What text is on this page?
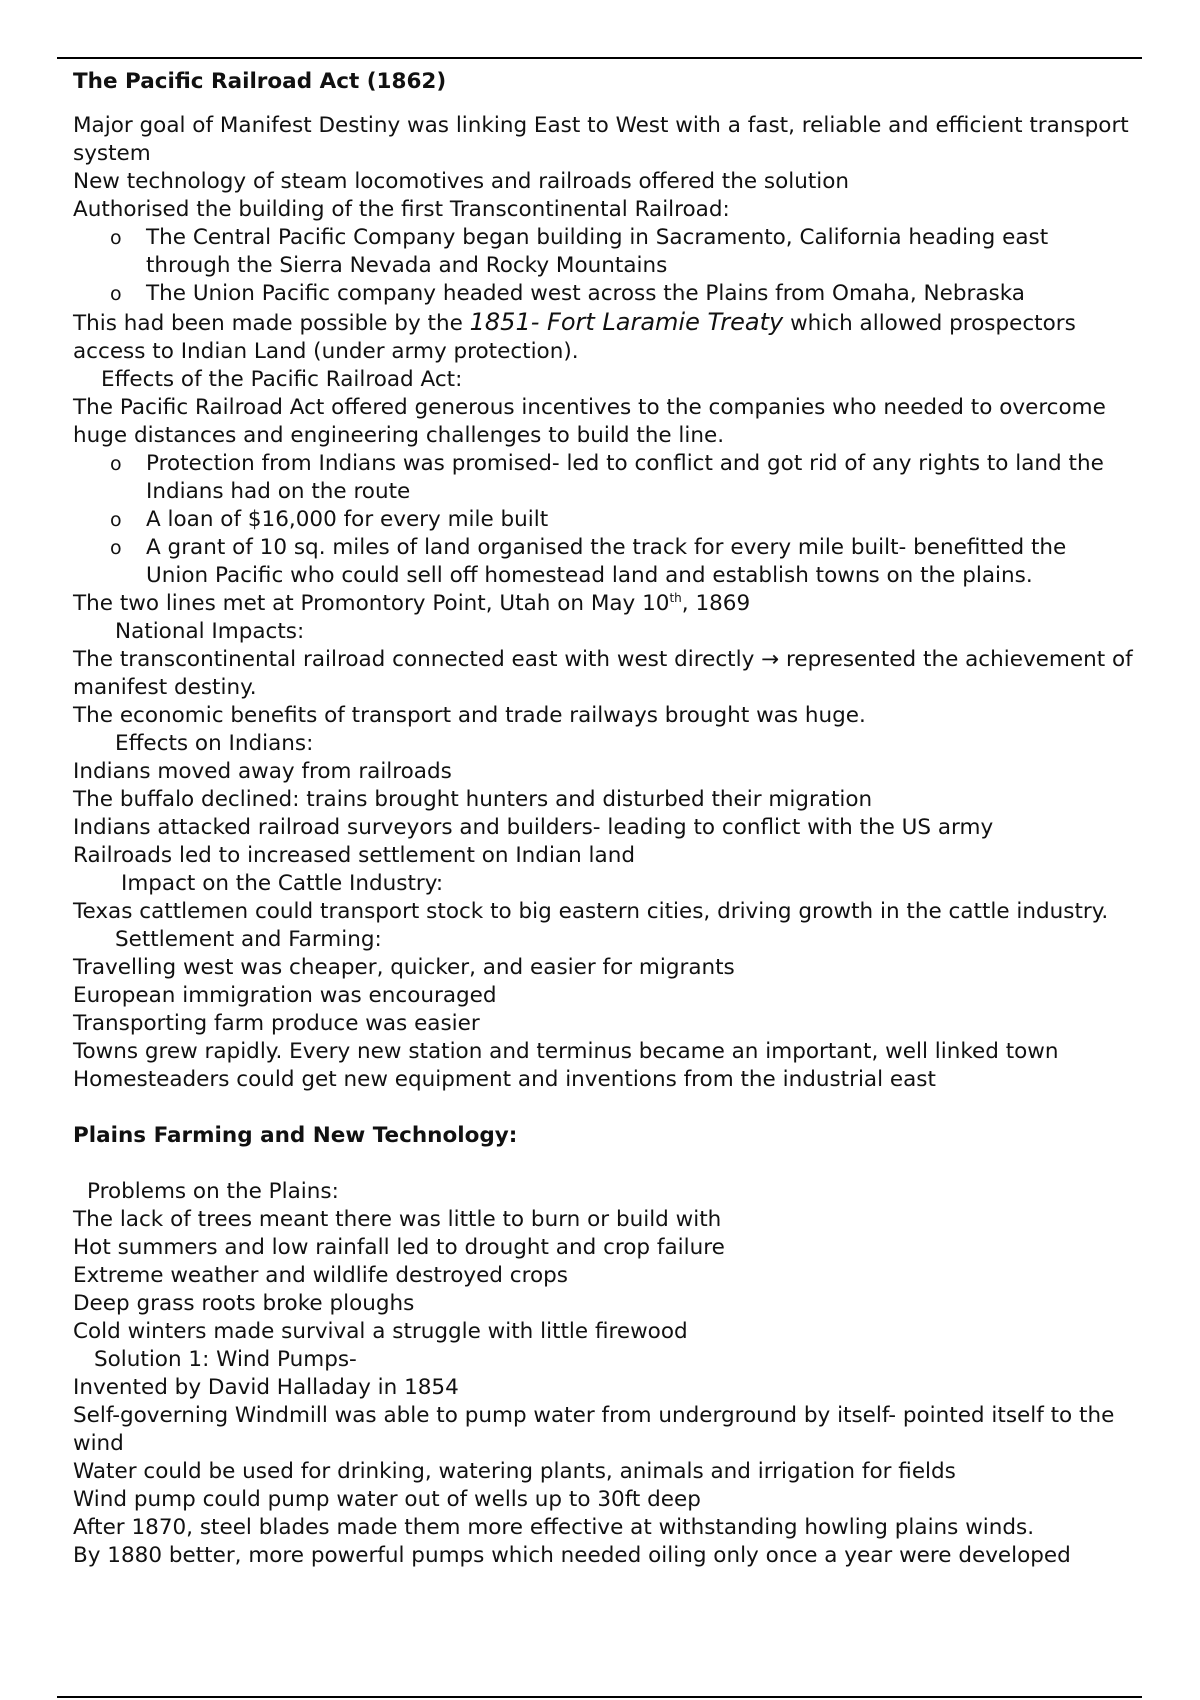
The Pacific Railroad Act (1862)

Major goal of Manifest Destiny was linking East to West with a fast, reliable and efficient transport system

New technology of steam locomotives and railroads offered the solution

Authorised the building of the first Transcontinental Railroad:

o The Central Pacific Company began building in Sacramento, California heading east through the Sierra Nevada and Rocky Mountains
o The Union Pacific company headed west across the Plains from Omaha, Nebraska

This had been made possible by the 1851- Fort Laramie Treaty which allowed prospectors access to Indian Land (under army protection).

Effects of the Pacific Railroad Act:

The Pacific Railroad Act offered generous incentives to the companies who needed to overcome huge distances and engineering challenges to build the line.

o Protection from Indians was promised- led to conflict and got rid of any rights to land the Indians had on the route
o A loan of $16,000 for every mile built
o A grant of 10 sq. miles of land organised the track for every mile built- benefitted the Union Pacific who could sell off homestead land and establish towns on the plains.

The two lines met at Promontory Point, Utah on May 10th, 1869

National Impacts:

The transcontinental railroad connected east with west directly → represented the achievement of manifest destiny.

The economic benefits of transport and trade railways brought was huge.

Effects on Indians:

Indians moved away from railroads

The buffalo declined: trains brought hunters and disturbed their migration

Indians attacked railroad surveyors and builders- leading to conflict with the US army

Railroads led to increased settlement on Indian land

Impact on the Cattle Industry:

Texas cattlemen could transport stock to big eastern cities, driving growth in the cattle industry.

Settlement and Farming:

Travelling west was cheaper, quicker, and easier for migrants

European immigration was encouraged

Transporting farm produce was easier

Towns grew rapidly. Every new station and terminus became an important, well linked town

Homesteaders could get new equipment and inventions from the industrial east

Plains Farming and New Technology:

Problems on the Plains:

The lack of trees meant there was little to burn or build with

Hot summers and low rainfall led to drought and crop failure

Extreme weather and wildlife destroyed crops

Deep grass roots broke ploughs

Cold winters made survival a struggle with little firewood

Solution 1: Wind Pumps-

Invented by David Halladay in 1854

Self-governing Windmill was able to pump water from underground by itself- pointed itself to the wind

Water could be used for drinking, watering plants, animals and irrigation for fields

Wind pump could pump water out of wells up to 30ft deep

After 1870, steel blades made them more effective at withstanding howling plains winds.

By 1880 better, more powerful pumps which needed oiling only once a year were developed
